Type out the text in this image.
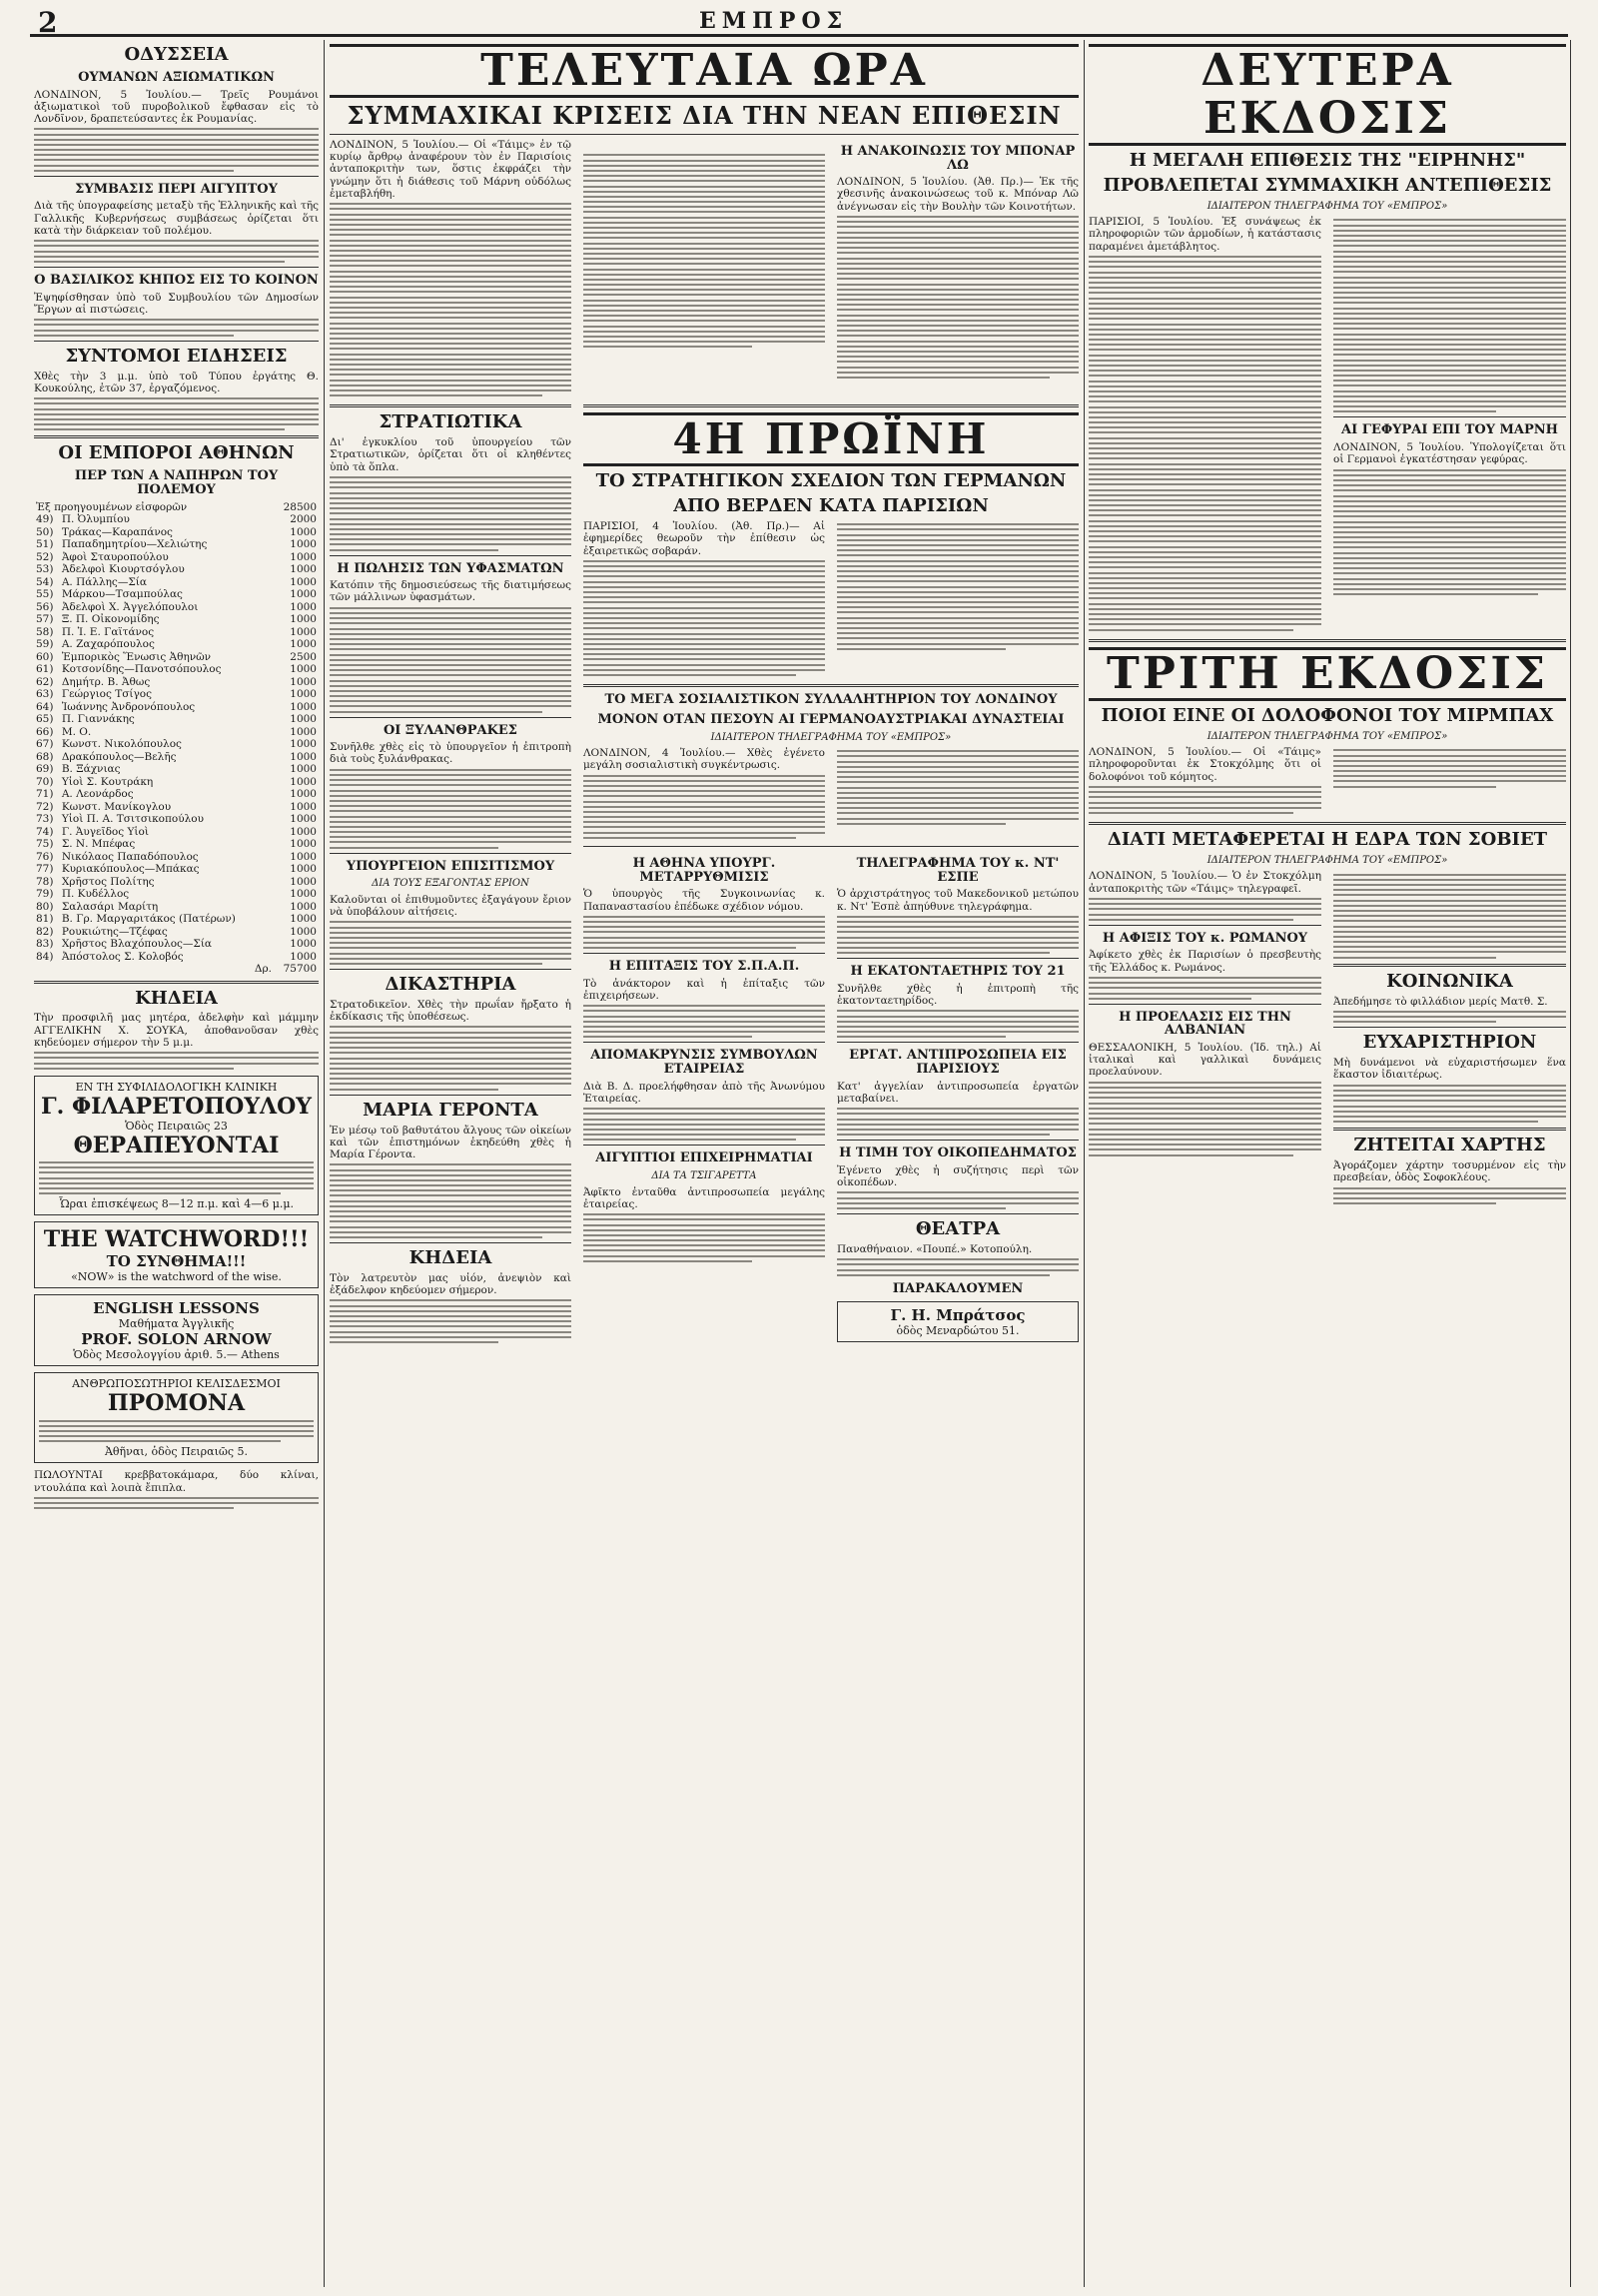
2	ΕΜΠΡΟΣ
ΟΔΥΣΣΕΙΑ
ΟΥΜΑΝΩΝ ΑΞΙΩΜΑΤΙΚΩΝ
ΛΟΝΔΙΝΟΝ, 5 Ἰουλίου.— Τρεῖς Ρουμάνοι ἀξιωματικοὶ τοῦ πυροβολικοῦ ἔφθασαν εἰς τὸ Λονδῖνον, δραπετεύσαντες ἐκ Ρουμανίας.
ΣΥΜΒΑΣΙΣ ΠΕΡΙ ΑΙΓΥΠΤΟΥ
Διὰ τῆς ὑπογραφείσης μεταξὺ τῆς Ἑλληνικῆς καὶ τῆς Γαλλικῆς Κυβερνήσεως συμβάσεως ὁρίζεται ὅτι κατὰ τὴν διάρκειαν τοῦ πολέμου.
Ο ΒΑΣΙΛΙΚΟΣ ΚΗΠΟΣ ΕΙΣ ΤΟ ΚΟΙΝΟΝ
Ἐψηφίσθησαν ὑπὸ τοῦ Συμβουλίου τῶν Δημοσίων Ἔργων αἱ πιστώσεις.
ΣΥΝΤΟΜΟΙ ΕΙΔΗΣΕΙΣ
Χθὲς τὴν 3 μ.μ. ὑπὸ τοῦ Τύπου ἐργάτης Θ. Κουκούλης, ἐτῶν 37, ἐργαζόμενος.
ΟΙ ΕΜΠΟΡΟΙ ΑΘΗΝΩΝ
ΠΕΡ ΤΩΝ Α ΝΑΠΗΡΩΝ ΤΟΥ ΠΟΛΕΜΟΥ
Ἐξ προηγουμένων εἰσφορῶν		28500
49)	Π. Ὀλυμπίου	2000
50)	Τράκας—Καραπάνος	1000
51)	Παπαδημητρίου—Χελιώτης	1000
52)	Ἀφοὶ Σταυροπούλου	1000
53)	Ἀδελφοὶ Κιουρτσόγλου	1000
54)	Α. Πάλλης—Σία	1000
55)	Μάρκου—Τσαμπούλας	1000
56)	Ἀδελφοὶ Χ. Ἀγγελόπουλοι	1000
57)	Ξ. Π. Οἰκονομίδης	1000
58)	Π. Ἰ. Ε. Γαϊτάνος	1000
59)	Α. Ζαχαρόπουλος	1000
60)	Ἐμπορικὸς Ἕνωσις Ἀθηνῶν	2500
61)	Κοτσονίδης—Πανοτσόπουλος	1000
62)	Δημήτρ. Β. Ἀθως	1000
63)	Γεώργιος Τσίγος	1000
64)	Ἰωάννης Ἀνδρονόπουλος	1000
65)	Π. Γιαννάκης	1000
66)	Μ. Ο.	1000
67)	Κωνστ. Νικολόπουλος	1000
68)	Δρακόπουλος—Βελῆς	1000
69)	Β. Ξάχνιας	1000
70)	Υἱοὶ Σ. Κουτράκη	1000
71)	Α. Λεονάρδος	1000
72)	Κωνστ. Μανίκογλου	1000
73)	Υἱοὶ Π. Α. Τσιτσικοπούλου	1000
74)	Γ. Ἀυγεῖδος Υἱοὶ	1000
75)	Σ. Ν. Μπέφας	1000
76)	Νικόλαος Παπαδόπουλος	1000
77)	Κυριακόπουλος—Μπάκας	1000
78)	Χρῆστος Πολίτης	1000
79)	Π. Κυδέλλος	1000
80)	Σαλασάρι Μαρίτη	1000
81)	Β. Γρ. Μαργαριτάκος (Πατέρων)	1000
82)	Ρουκιώτης—Τζέφας	1000
83)	Χρῆστος Βλαχόπουλος—Σία	1000
84)	Ἀπόστολος Σ. Κολοβός	1000
Δρ.		75700
ΚΗΔΕΙΑ
Τὴν προσφιλῆ μας μητέρα, ἀδελφὴν καὶ μάμμην ΑΓΓΕΛΙΚΗΝ Χ. ΣΟΥΚΑ, ἀποθανοῦσαν χθὲς κηδεύομεν σήμερον τὴν 5 μ.μ.
ΕΝ ΤΗ ΣΥΦΙΛΙΔΟΛΟΓΙΚΗ ΚΛΙΝΙΚΗ
Γ. ΦΙΛΑΡΕΤΟΠΟΥΛΟΥ
Ὁδὸς Πειραιῶς 23
ΘΕΡΑΠΕΥΟΝΤΑΙ
Ὧραι ἐπισκέψεως 8—12 π.μ. καὶ 4—6 μ.μ.
THE WATCHWORD!!!
ΤΟ ΣΥΝΘΗΜΑ!!!
«NOW» is the watchword of the wise.
ENGLISH LESSONS
Μαθήματα Ἀγγλικῆς
PROF. SOLON ARNOW
Ὁδὸς Μεσολογγίου ἀριθ. 5.— Athens
ΑΝΘΡΩΠΟΣΩΤΗΡΙΟΙ ΚΕΛΙΣΔΕΣΜΟΙ
ΠΡΟΜΟΝΑ
Ἀθῆναι, ὁδὸς Πειραιῶς 5.
ΠΩΛΟΥΝΤΑΙ κρεββατοκάμαρα, δύο κλίναι, ντουλάπα καὶ λοιπὰ ἔπιπλα.
ΤΕΛΕΥΤΑΙΑ ΩΡΑ
ΣΥΜΜΑΧΙΚΑΙ ΚΡΙΣΕΙΣ ΔΙΑ ΤΗΝ ΝΕΑΝ ΕΠΙΘΕΣΙΝ
ΛΟΝΔΙΝΟΝ, 5 Ἰουλίου.— Οἱ «Τάιμς» ἐν τῷ κυρίῳ ἄρθρῳ ἀναφέρουν τὸν ἐν Παρισίοις ἀνταποκριτὴν των, ὅστις ἐκφράζει τὴν γνώμην ὅτι ἡ διάθεσις τοῦ Μάρνη οὐδόλως ἐμεταβλήθη.

Η ΑΝΑΚΟΙΝΩΣΙΣ ΤΟΥ ΜΠΟΝΑΡ ΛΩ
ΛΟΝΔΙΝΟΝ, 5 Ἰουλίου. (Ἀθ. Πρ.)— Ἐκ τῆς χθεσινῆς ἀνακοινώσεως τοῦ κ. Μπόναρ Λῶ ἀνέγνωσαν εἰς τὴν Βουλὴν τῶν Κοινοτήτων.
ΣΤΡΑΤΙΩΤΙΚΑ
Δι' ἐγκυκλίου τοῦ ὑπουργείου τῶν Στρατιωτικῶν, ὁρίζεται ὅτι οἱ κληθέντες ὑπὸ τὰ ὅπλα.
Η ΠΩΛΗΣΙΣ ΤΩΝ ΥΦΑΣΜΑΤΩΝ
Κατόπιν τῆς δημοσιεύσεως τῆς διατιμήσεως τῶν μάλλινων ὑφασμάτων.
ΟΙ ΞΥΛΑΝΘΡΑΚΕΣ
Συνῆλθε χθὲς εἰς τὸ ὑπουργεῖον ἡ ἐπιτροπὴ διὰ τοὺς ξυλάνθρακας.
ΥΠΟΥΡΓΕΙΟΝ ΕΠΙΣΙΤΙΣΜΟΥ
ΔΙΑ ΤΟΥΣ ΕΞΑΓΟΝΤΑΣ ΕΡΙΟΝ
Καλοῦνται οἱ ἐπιθυμοῦντες ἐξαγάγουν ἔριον νὰ ὑποβάλουν αἰτήσεις.
ΔΙΚΑΣΤΗΡΙΑ
Στρατοδικεῖον. Χθὲς τὴν πρωΐαν ἤρξατο ἡ ἐκδίκασις τῆς ὑποθέσεως.
ΜΑΡΙΑ ΓΕΡΟΝΤΑ
Ἐν μέσῳ τοῦ βαθυτάτου ἄλγους τῶν οἰκείων καὶ τῶν ἐπιστημόνων ἐκηδεύθη χθὲς ἡ Μαρία Γέροντα.
ΚΗΔΕΙΑ
Τὸν λατρευτὸν μας υἱόν, ἀνεψιὸν καὶ ἐξάδελφον κηδεύομεν σήμερον.
4Η ΠΡΩΪΝΗ
ΤΟ ΣΤΡΑΤΗΓΙΚΟΝ ΣΧΕΔΙΟΝ ΤΩΝ ΓΕΡΜΑΝΩΝ
ΑΠΟ ΒΕΡΔΕΝ ΚΑΤΑ ΠΑΡΙΣΙΩΝ
ΠΑΡΙΣΙΟΙ, 4 Ἰουλίου. (Ἀθ. Πρ.)— Αἱ ἐφημερίδες θεωροῦν τὴν ἐπίθεσιν ὡς ἐξαιρετικῶς σοβαράν.
ΤΟ ΜΕΓΑ ΣΟΣΙΑΛΙΣΤΙΚΟΝ ΣΥΛΛΑΛΗΤΗΡΙΟΝ ΤΟΥ ΛΟΝΔΙΝΟΥ
ΜΟΝΟΝ ΟΤΑΝ ΠΕΣΟΥΝ ΑΙ ΓΕΡΜΑΝΟΑΥΣΤΡΙΑΚΑΙ ΔΥΝΑΣΤΕΙΑΙ
ΙΔΙΑΙΤΕΡΟΝ ΤΗΛΕΓΡΑΦΗΜΑ ΤΟΥ «ΕΜΠΡΟΣ»
ΛΟΝΔΙΝΟΝ, 4 Ἰουλίου.— Χθὲς ἐγένετο μεγάλη σοσιαλιστικὴ συγκέντρωσις.
Η ΑΘΗΝΑ ΥΠΟΥΡΓ. ΜΕΤΑΡΡΥΘΜΙΣΙΣ
Ὁ ὑπουργὸς τῆς Συγκοινωνίας κ. Παπαναστασίου ἐπέδωκε σχέδιον νόμου.
Η ΕΠΙΤΑΞΙΣ ΤΟΥ Σ.Π.Α.Π.
Τὸ ἀνάκτορον καὶ ἡ ἐπίταξις τῶν ἐπιχειρήσεων.
ΑΠΟΜΑΚΡΥΝΣΙΣ ΣΥΜΒΟΥΛΩΝ ΕΤΑΙΡΕΙΑΣ
Διὰ Β. Δ. προελήφθησαν ἀπὸ τῆς Ἀνωνύμου Ἑταιρείας.
ΑΙΓΥΠΤΙΟΙ ΕΠΙΧΕΙΡΗΜΑΤΙΑΙ
ΔΙΑ ΤΑ ΤΣΙΓΑΡΕΤΤΑ
Ἀφῖκτο ἐνταῦθα ἀντιπροσωπεία μεγάλης ἐταιρείας.
ΤΗΛΕΓΡΑΦΗΜΑ ΤΟΥ κ. ΝΤ' ΕΣΠΕ
Ὁ ἀρχιστράτηγος τοῦ Μακεδονικοῦ μετώπου κ. Ντ' Ἐσπὲ ἀπηύθυνε τηλεγράφημα.
Η ΕΚΑΤΟΝΤΑΕΤΗΡΙΣ ΤΟΥ 21
Συνῆλθε χθὲς ἡ ἐπιτροπὴ τῆς ἑκατονταετηρίδος.
ΕΡΓΑΤ. ΑΝΤΙΠΡΟΣΩΠΕΙΑ ΕΙΣ ΠΑΡΙΣΙΟΥΣ
Κατ' ἀγγελίαν ἀντιπροσωπεία ἐργατῶν μεταβαίνει.
Η ΤΙΜΗ ΤΟΥ ΟΙΚΟΠΕΔΗΜΑΤΟΣ
Ἐγένετο χθὲς ἡ συζήτησις περὶ τῶν οἰκοπέδων.
ΘΕΑΤΡΑ
Παναθήναιον. «Πουπέ.» Κοτοπούλη.
ΠΑΡΑΚΑΛΟΥΜΕΝ
Γ. Η. Μπράτσος
ὁδὸς Μεναρδώτου 51.
ΔΕΥΤΕΡΑ ΕΚΔΟΣΙΣ
Η ΜΕΓΑΛΗ ΕΠΙΘΕΣΙΣ ΤΗΣ "ΕΙΡΗΝΗΣ"
ΠΡΟΒΛΕΠΕΤΑΙ ΣΥΜΜΑΧΙΚΗ ΑΝΤΕΠΙΘΕΣΙΣ
ΙΔΙΑΙΤΕΡΟΝ ΤΗΛΕΓΡΑΦΗΜΑ ΤΟΥ «ΕΜΠΡΟΣ»
ΠΑΡΙΣΙΟΙ, 5 Ἰουλίου. Ἐξ συνάψεως ἐκ πληροφοριῶν τῶν ἁρμοδίων, ἡ κατάστασις παραμένει ἀμετάβλητος.
ΑΙ ΓΕΦΥΡΑΙ ΕΠΙ ΤΟΥ ΜΑΡΝΗ
ΛΟΝΔΙΝΟΝ, 5 Ἰουλίου. Ὑπολογίζεται ὅτι οἱ Γερμανοὶ ἐγκατέστησαν γεφύρας.
ΤΡΙΤΗ ΕΚΔΟΣΙΣ
ΠΟΙΟΙ ΕΙΝΕ ΟΙ ΔΟΛΟΦΟΝΟΙ ΤΟΥ ΜΙΡΜΠΑΧ
ΙΔΙΑΙΤΕΡΟΝ ΤΗΛΕΓΡΑΦΗΜΑ ΤΟΥ «ΕΜΠΡΟΣ»
ΛΟΝΔΙΝΟΝ, 5 Ἰουλίου.— Οἱ «Τάιμς» πληροφοροῦνται ἐκ Στοκχόλμης ὅτι οἱ δολοφόνοι τοῦ κόμητος.
ΔΙΑΤΙ ΜΕΤΑΦΕΡΕΤΑΙ Η ΕΔΡΑ ΤΩΝ ΣΟΒΙΕΤ
ΙΔΙΑΙΤΕΡΟΝ ΤΗΛΕΓΡΑΦΗΜΑ ΤΟΥ «ΕΜΠΡΟΣ»
ΛΟΝΔΙΝΟΝ, 5 Ἰουλίου.— Ὁ ἐν Στοκχόλμη ἀνταποκριτὴς τῶν «Τάιμς» τηλεγραφεῖ.
Η ΑΦΙΞΙΣ ΤΟΥ κ. ΡΩΜΑΝΟΥ
Ἀφίκετο χθὲς ἐκ Παρισίων ὁ πρεσβευτὴς τῆς Ἑλλάδος κ. Ρωμάνος.
Η ΠΡΟΕΛΑΣΙΣ ΕΙΣ ΤΗΝ ΑΛΒΑΝΙΑΝ
ΘΕΣΣΑΛΟΝΙΚΗ, 5 Ἰουλίου. (Ἰδ. τηλ.) Αἱ ἰταλικαὶ καὶ γαλλικαὶ δυνάμεις προελαύνουν.
ΚΟΙΝΩΝΙΚΑ
Ἀπεδήμησε τὸ φιλλάδιον μερίς Ματθ. Σ.
ΕΥΧΑΡΙΣΤΗΡΙΟΝ
Μὴ δυνάμενοι νὰ εὐχαριστήσωμεν ἕνα ἕκαστον ἰδιαιτέρως.
ΖΗΤΕΙΤΑΙ ΧΑΡΤΗΣ
Ἀγοράζομεν χάρτην τοσυρμένον εἰς τὴν πρεσβείαν, ὁδὸς Σοφοκλέους.
